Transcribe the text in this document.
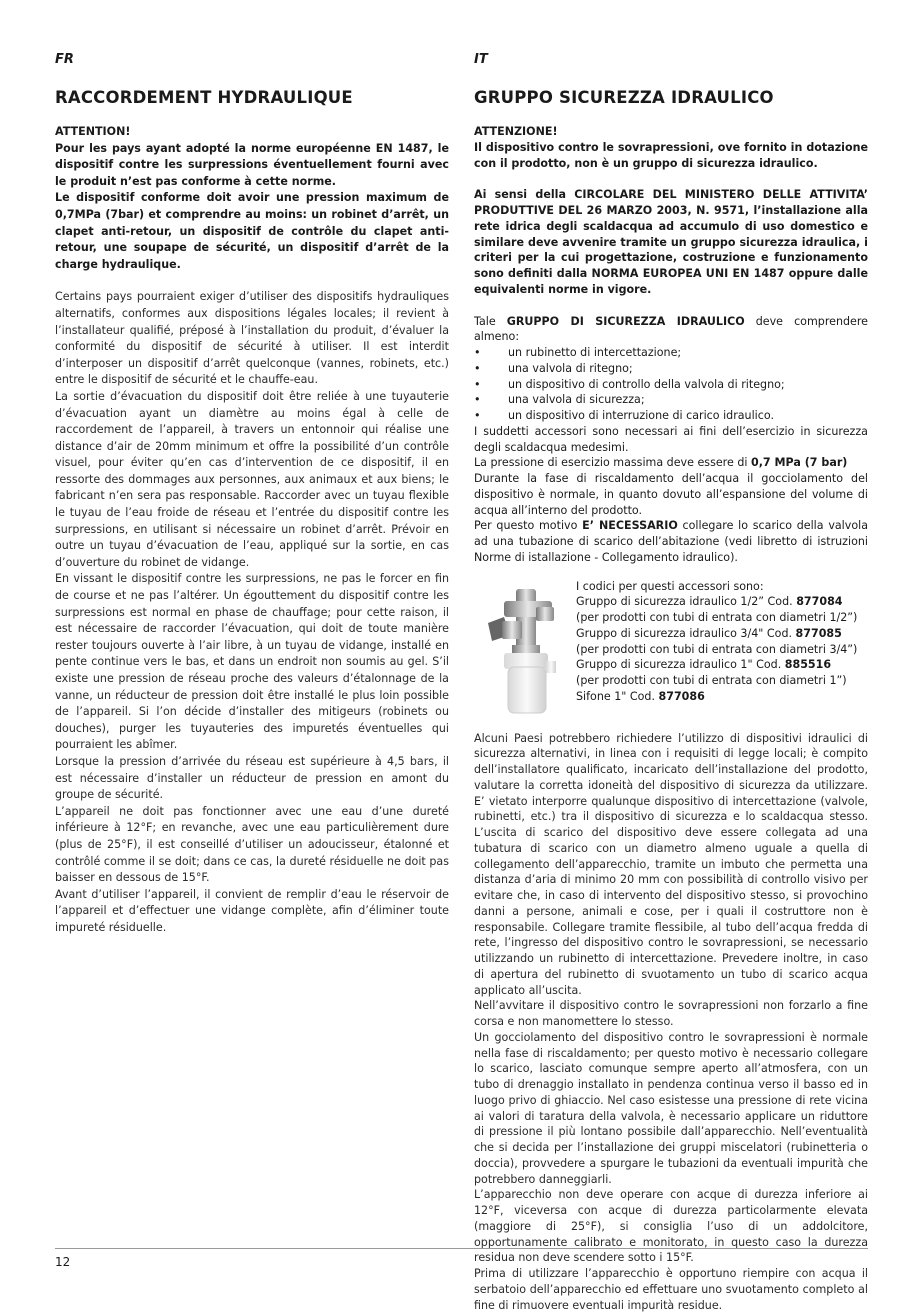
FR
RACCORDEMENT HYDRAULIQUE

ATTENTION!

Pour les pays ayant adopté la norme européenne EN 1487, le dispositif contre les surpressions éventuellement fourni avec le produit n’est pas conforme à cette norme.

Le dispositif conforme doit avoir une pression maximum de 0,7MPa (7bar) et comprendre au moins: un robinet d’arrêt, un clapet anti-retour, un dispositif de contrôle du clapet anti-retour, une soupape de sécurité, un dispositif d’arrêt de la charge hydraulique.

Certains pays pourraient exiger d’utiliser des dispositifs hydrauliques alternatifs, conformes aux dispositions légales locales; il revient à l’installateur qualifié, préposé à l’installation du produit, d’évaluer la conformité du dispositif de sécurité à utiliser. Il est interdit d’interposer un dispositif d’arrêt quelconque (vannes, robinets, etc.) entre le dispositif de sécurité et le chauffe-eau.

La sortie d’évacuation du dispositif doit être reliée à une tuyauterie d’évacuation ayant un diamètre au moins égal à celle de raccordement de l’appareil, à travers un entonnoir qui réalise une distance d’air de 20mm minimum et offre la possibilité d’un contrôle visuel, pour éviter qu’en cas d’intervention de ce dispositif, il en ressorte des dommages aux personnes, aux animaux et aux biens; le fabricant n’en sera pas responsable. Raccorder avec un tuyau flexible le tuyau de l’eau froide de réseau et l’entrée du dispositif contre les surpressions, en utilisant si nécessaire un robinet d’arrêt. Prévoir en outre un tuyau d’évacuation de l’eau, appliqué sur la sortie, en cas d’ouverture du robinet de vidange.

En vissant le dispositif contre les surpressions, ne pas le forcer en fin de course et ne pas l’altérer. Un égouttement du dispositif contre les surpressions est normal en phase de chauffage; pour cette raison, il est nécessaire de raccorder l’évacuation, qui doit de toute manière rester toujours ouverte à l’air libre, à un tuyau de vidange, installé en pente continue vers le bas, et dans un endroit non soumis au gel. S’il existe une pression de réseau proche des valeurs d’étalonnage de la vanne, un réducteur de pression doit être installé le plus loin possible de l’appareil. Si l’on décide d’installer des mitigeurs (robinets ou douches), purger les tuyauteries des impuretés éventuelles qui pourraient les abîmer.

Lorsque la pression d’arrivée du réseau est supérieure à 4,5 bars, il est nécessaire d’installer un réducteur de pression en amont du groupe de sécurité.

L’appareil ne doit pas fonctionner avec une eau d’une dureté inférieure à 12°F; en revanche, avec une eau particulièrement dure (plus de 25°F), il est conseillé d’utiliser un adoucisseur, étalonné et contrôlé comme il se doit; dans ce cas, la dureté résiduelle ne doit pas baisser en dessous de 15°F.

Avant d’utiliser l’appareil, il convient de remplir d’eau le réservoir de l’appareil et d’effectuer une vidange complète, afin d’éliminer toute impureté résiduelle.

IT
GRUPPO SICUREZZA IDRAULICO

ATTENZIONE!

Il dispositivo contro le sovrapressioni, ove fornito in dotazione con il prodotto, non è un gruppo di sicurezza idraulico.

Ai sensi della CIRCOLARE DEL MINISTERO DELLE ATTIVITA’ PRODUTTIVE DEL 26 MARZO 2003, N. 9571, l’installazione alla rete idrica degli scaldacqua ad accumulo di uso domestico e similare deve avvenire tramite un gruppo sicurezza idraulica, i criteri per la cui progettazione, costruzione e funzionamento sono definiti dalla NORMA EUROPEA UNI EN 1487 oppure dalle equivalenti norme in vigore.

Tale GRUPPO DI SICUREZZA IDRAULICO deve comprendere almeno:

• un rubinetto di intercettazione;
• una valvola di ritegno;
• un dispositivo di controllo della valvola di ritegno;
• una valvola di sicurezza;
• un dispositivo di interruzione di carico idraulico.

I suddetti accessori sono necessari ai fini dell’esercizio in sicurezza degli scaldacqua medesimi.

La pressione di esercizio massima deve essere di 0,7 MPa (7 bar)

Durante la fase di riscaldamento dell’acqua il gocciolamento del dispositivo è normale, in quanto dovuto all’espansione del volume di acqua all’interno del prodotto.

Per questo motivo E’ NECESSARIO collegare lo scarico della valvola ad una tubazione di scarico dell’abitazione (vedi libretto di istruzioni Norme di istallazione - Collegamento idraulico).

I codici per questi accessori sono:

Gruppo di sicurezza idraulico 1/2” Cod. 877084

(per prodotti con tubi di entrata con diametri 1/2”)

Gruppo di sicurezza idraulico 3/4" Cod. 877085

(per prodotti con tubi di entrata con diametri 3/4”)

Gruppo di sicurezza idraulico 1" Cod. 885516

(per prodotti con tubi di entrata con diametri 1”)

Sifone 1" Cod. 877086

Alcuni Paesi potrebbero richiedere l’utilizzo di dispositivi idraulici di sicurezza alternativi, in linea con i requisiti di legge locali; è compito dell’installatore qualificato, incaricato dell’installazione del prodotto, valutare la corretta idoneità del dispositivo di sicurezza da utilizzare. E’ vietato interporre qualunque dispositivo di intercettazione (valvole, rubinetti, etc.) tra il dispositivo di sicurezza e lo scaldacqua stesso. L’uscita di scarico del dispositivo deve essere collegata ad una tubatura di scarico con un diametro almeno uguale a quella di collegamento dell’apparecchio, tramite un imbuto che permetta una distanza d’aria di minimo 20 mm con possibilità di controllo visivo per evitare che, in caso di intervento del dispositivo stesso, si provochino danni a persone, animali e cose, per i quali il costruttore non è responsabile. Collegare tramite flessibile, al tubo dell’acqua fredda di rete, l’ingresso del dispositivo contro le sovrapressioni, se necessario utilizzando un rubinetto di intercettazione. Prevedere inoltre, in caso di apertura del rubinetto di svuotamento un tubo di scarico acqua applicato all’uscita.

Nell’avvitare il dispositivo contro le sovrapressioni non forzarlo a fine corsa e non manomettere lo stesso.

Un gocciolamento del dispositivo contro le sovrapressioni è normale nella fase di riscaldamento; per questo motivo è necessario collegare lo scarico, lasciato comunque sempre aperto all’atmosfera, con un tubo di drenaggio installato in pendenza continua verso il basso ed in luogo privo di ghiaccio. Nel caso esistesse una pressione di rete vicina ai valori di taratura della valvola, è necessario applicare un riduttore di pressione il più lontano possibile dall’apparecchio. Nell’eventualità che si decida per l’installazione dei gruppi miscelatori (rubinetteria o doccia), provvedere a spurgare le tubazioni da eventuali impurità che potrebbero danneggiarli.

L’apparecchio non deve operare con acque di durezza inferiore ai 12°F, viceversa con acque di durezza particolarmente elevata (maggiore di 25°F), si consiglia l’uso di un addolcitore, opportunamente calibrato e monitorato, in questo caso la durezza residua non deve scendere sotto i 15°F.

Prima di utilizzare l’apparecchio è opportuno riempire con acqua il serbatoio dell’apparecchio ed effettuare uno svuotamento completo al fine di rimuovere eventuali impurità residue.

12
